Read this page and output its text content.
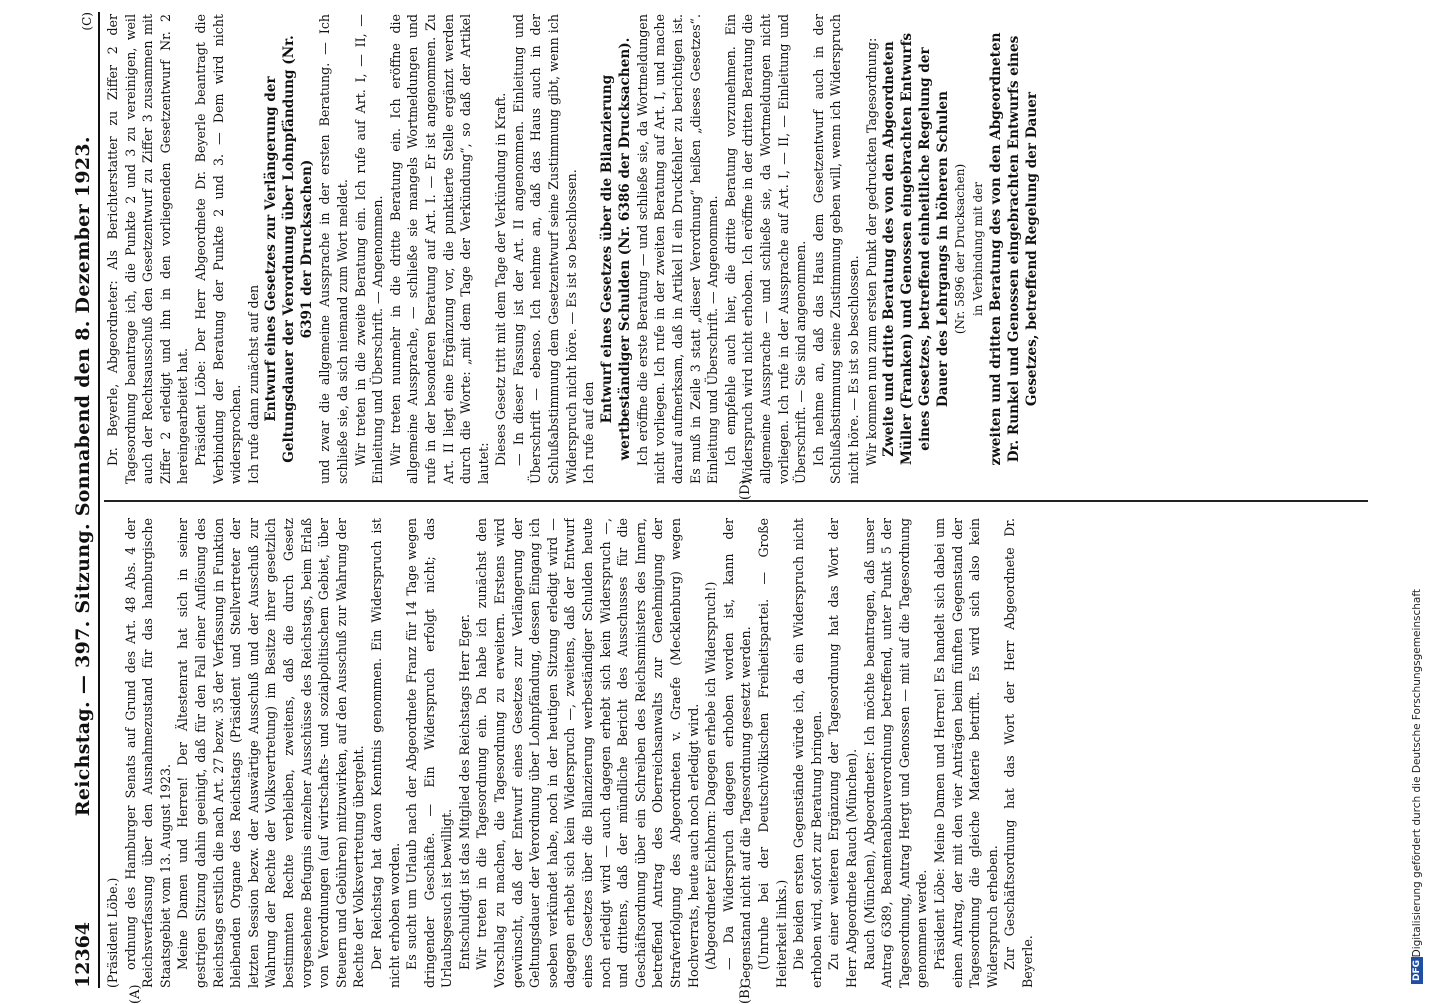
12364
Reichstag. — 397. Sitzung. Sonnabend den 8. Dezember 1923.
(C)

(Präsident Löbe.) ordnung des Hamburger Senats auf Grund des Art. 48 Abs. 4 der Reichsverfassung über den Ausnahmezustand für das hamburgische Staatsgebiet vom 13. August 1923. Meine Damen und Herren! Der Ältestenrat hat sich in seiner gestrigen Sitzung dahin geeinigt, daß für den Fall einer Auflösung des Reichstags erstlich die nach Art. 27 bezw. 35 der Verfassung in Funktion bleibenden Organe des Reichstags (Präsident und Stellvertreter der letzten Session bezw. der Auswärtige Ausschuß und der Ausschuß zur Wahrung der Rechte der Volksvertretung) im Besitze ihrer gesetzlich bestimmten Rechte verbleiben, zweitens, daß die durch Gesetz vorgesehene Befugnis einzelner Ausschüsse des Reichstags, beim Erlaß von Verordnungen (auf wirtschafts- und sozialpolitischem Gebiet, über Steuern und Gebühren) mitzuwirken, auf den Ausschuß zur Wahrung der Rechte der Volksvertretung übergeht. Der Reichstag hat davon Kenntnis genommen. Ein Widerspruch ist nicht erhoben worden. Es sucht um Urlaub nach der Abgeordnete Franz für 14 Tage wegen dringender Geschäfte. — Ein Widerspruch erfolgt nicht; das Urlaubsgesuch ist bewilligt. Entschuldigt ist das Mitglied des Reichstags Herr Eger. Wir treten in die Tagesordnung ein. Da habe ich zunächst den Vorschlag zu machen, die Tagesordnung zu erweitern. Erstens wird gewünscht, daß der Entwurf eines Gesetzes zur Verlängerung der Geltungsdauer der Verordnung über Lohnpfändung, dessen Eingang ich soeben verkündet habe, noch in der heutigen Sitzung erledigt wird — dagegen erhebt sich kein Widerspruch —, zweitens, daß der Entwurf eines Gesetzes über die Bilanzierung werbeständiger Schulden heute noch erledigt wird — auch dagegen erhebt sich kein Widerspruch —, und drittens, daß der mündliche Bericht des Ausschusses für die Geschäftsordnung über ein Schreiben des Reichsministers des Innern, betreffend Antrag des Oberreichsanwalts zur Genehmigung der Strafverfolgung des Abgeordneten v. Graefe (Mecklenburg) wegen Hochverrats, heute auch noch erledigt wird. (Abgeordneter Eichhorn: Dagegen erhebe ich Widerspruch!) — Da Widerspruch dagegen erhoben worden ist, kann der Gegenstand nicht auf die Tagesordnung gesetzt werden. (Unruhe bei der Deutschvölkischen Freiheitspartei. — Große Heiterkeit links.) Die beiden ersten Gegenstände würde ich, da ein Widerspruch nicht erhoben wird, sofort zur Beratung bringen. Zu einer weiteren Ergänzung der Tagesordnung hat das Wort der Herr Abgeordnete Rauch (München). Rauch (München), Abgeordneter: Ich möchte beantragen, daß unser Antrag 6389, Beamtenabbauverordnung betreffend, unter Punkt 5 der Tagesordnung, Antrag Hergt und Genossen — mit auf die Tagesordnung genommen werde. Präsident Löbe: Meine Damen und Herren! Es handelt sich dabei um einen Antrag, der mit den vier Anträgen beim fünften Gegenstand der Tagesordnung die gleiche Materie betrifft. Es wird sich also kein Widerspruch erheben. Zur Geschäftsordnung hat das Wort der Herr Abgeordnete Dr. Beyerle.

Dr. Beyerle, Abgeordneter: Als Berichterstatter zu Ziffer 2 der Tagesordnung beantrage ich, die Punkte 2 und 3 zu vereinigen, weil auch der Rechtsausschuß den Gesetzentwurf zu Ziffer 3 zusammen mit Ziffer 2 erledigt und ihn in den vorliegenden Gesetzentwurf Nr. 2 hereingearbeitet hat. Präsident Löbe: Der Herr Abgeordnete Dr. Beyerle beantragt die Verbindung der Beratung der Punkte 2 und 3. — Dem wird nicht widersprochen. Ich rufe dann zunächst auf den Entwurf eines Gesetzes zur Verlängerung der Geltungsdauer der Verordnung über Lohnpfändung (Nr. 6391 der Drucksachen) und zwar die allgemeine Aussprache in der ersten Beratung. — Ich schließe sie, da sich niemand zum Wort meldet. Wir treten in die zweite Beratung ein. Ich rufe auf Art. I, — II, — Einleitung und Überschrift. — Angenommen. Wir treten nunmehr in die dritte Beratung ein. Ich eröffne die allgemeine Aussprache, — schließe sie mangels Wortmeldungen und rufe in der besonderen Beratung auf Art. I. — Er ist angenommen. Zu Art. II liegt eine Ergänzung vor, die punktierte Stelle ergänzt werden durch die Worte: „mit dem Tage der Verkündung“, so daß der Artikel lautet: Dieses Gesetz tritt mit dem Tage der Verkündung in Kraft. — In dieser Fassung ist der Art. II angenommen. Einleitung und Überschrift — ebenso. Ich nehme an, daß das Haus auch in der Schlußabstimmung dem Gesetzentwurf seine Zustimmung gibt, wenn ich Widerspruch nicht höre. — Es ist so beschlossen. Ich rufe auf den

Entwurf eines Gesetzes über die Bilanzierung wertbeständiger Schulden (Nr. 6386 der Drucksachen). Ich eröffne die erste Beratung — und schließe sie, da Wortmeldungen nicht vorliegen. Ich rufe in der zweiten Beratung auf Art. I, und mache darauf aufmerksam, daß in Artikel II ein Druckfehler zu berichtigen ist. Es muß in Zeile 3 statt „dieser Verordnung“ heißen „dieses Gesetzes“. Einleitung und Überschrift. — Angenommen. Ich empfehle auch hier, die dritte Beratung vorzunehmen. Ein Widerspruch wird nicht erhoben. Ich eröffne in der dritten Beratung die allgemeine Aussprache — und schließe sie, da Wortmeldungen nicht vorliegen. Ich rufe in der Aussprache auf Art. I, — II, — Einleitung und Überschrift. — Sie sind angenommen. Ich nehme an, daß das Haus dem Gesetzentwurf auch in der Schlußabstimmung seine Zustimmung geben will, wenn ich Widerspruch nicht höre. — Es ist so beschlossen. Wir kommen nun zum ersten Punkt der gedruckten Tagesordnung: Zweite und dritte Beratung des von den Abgeordneten Müller (Franken) und Genossen eingebrachten Entwurfs eines Gesetzes, betreffend einheitliche Regelung der Dauer des Lehrgangs in höheren Schulen (Nr. 5896 der Drucksachen) in Verbindung mit der zweiten und dritten Beratung des von den Abgeordneten Dr. Runkel und Genossen eingebrachten Entwurfs eines Gesetzes, betreffend Regelung der Dauer

(A)	(B)
(D)
DFG
Digitalisierung gefördert durch die Deutsche Forschungsgemeinschaft
